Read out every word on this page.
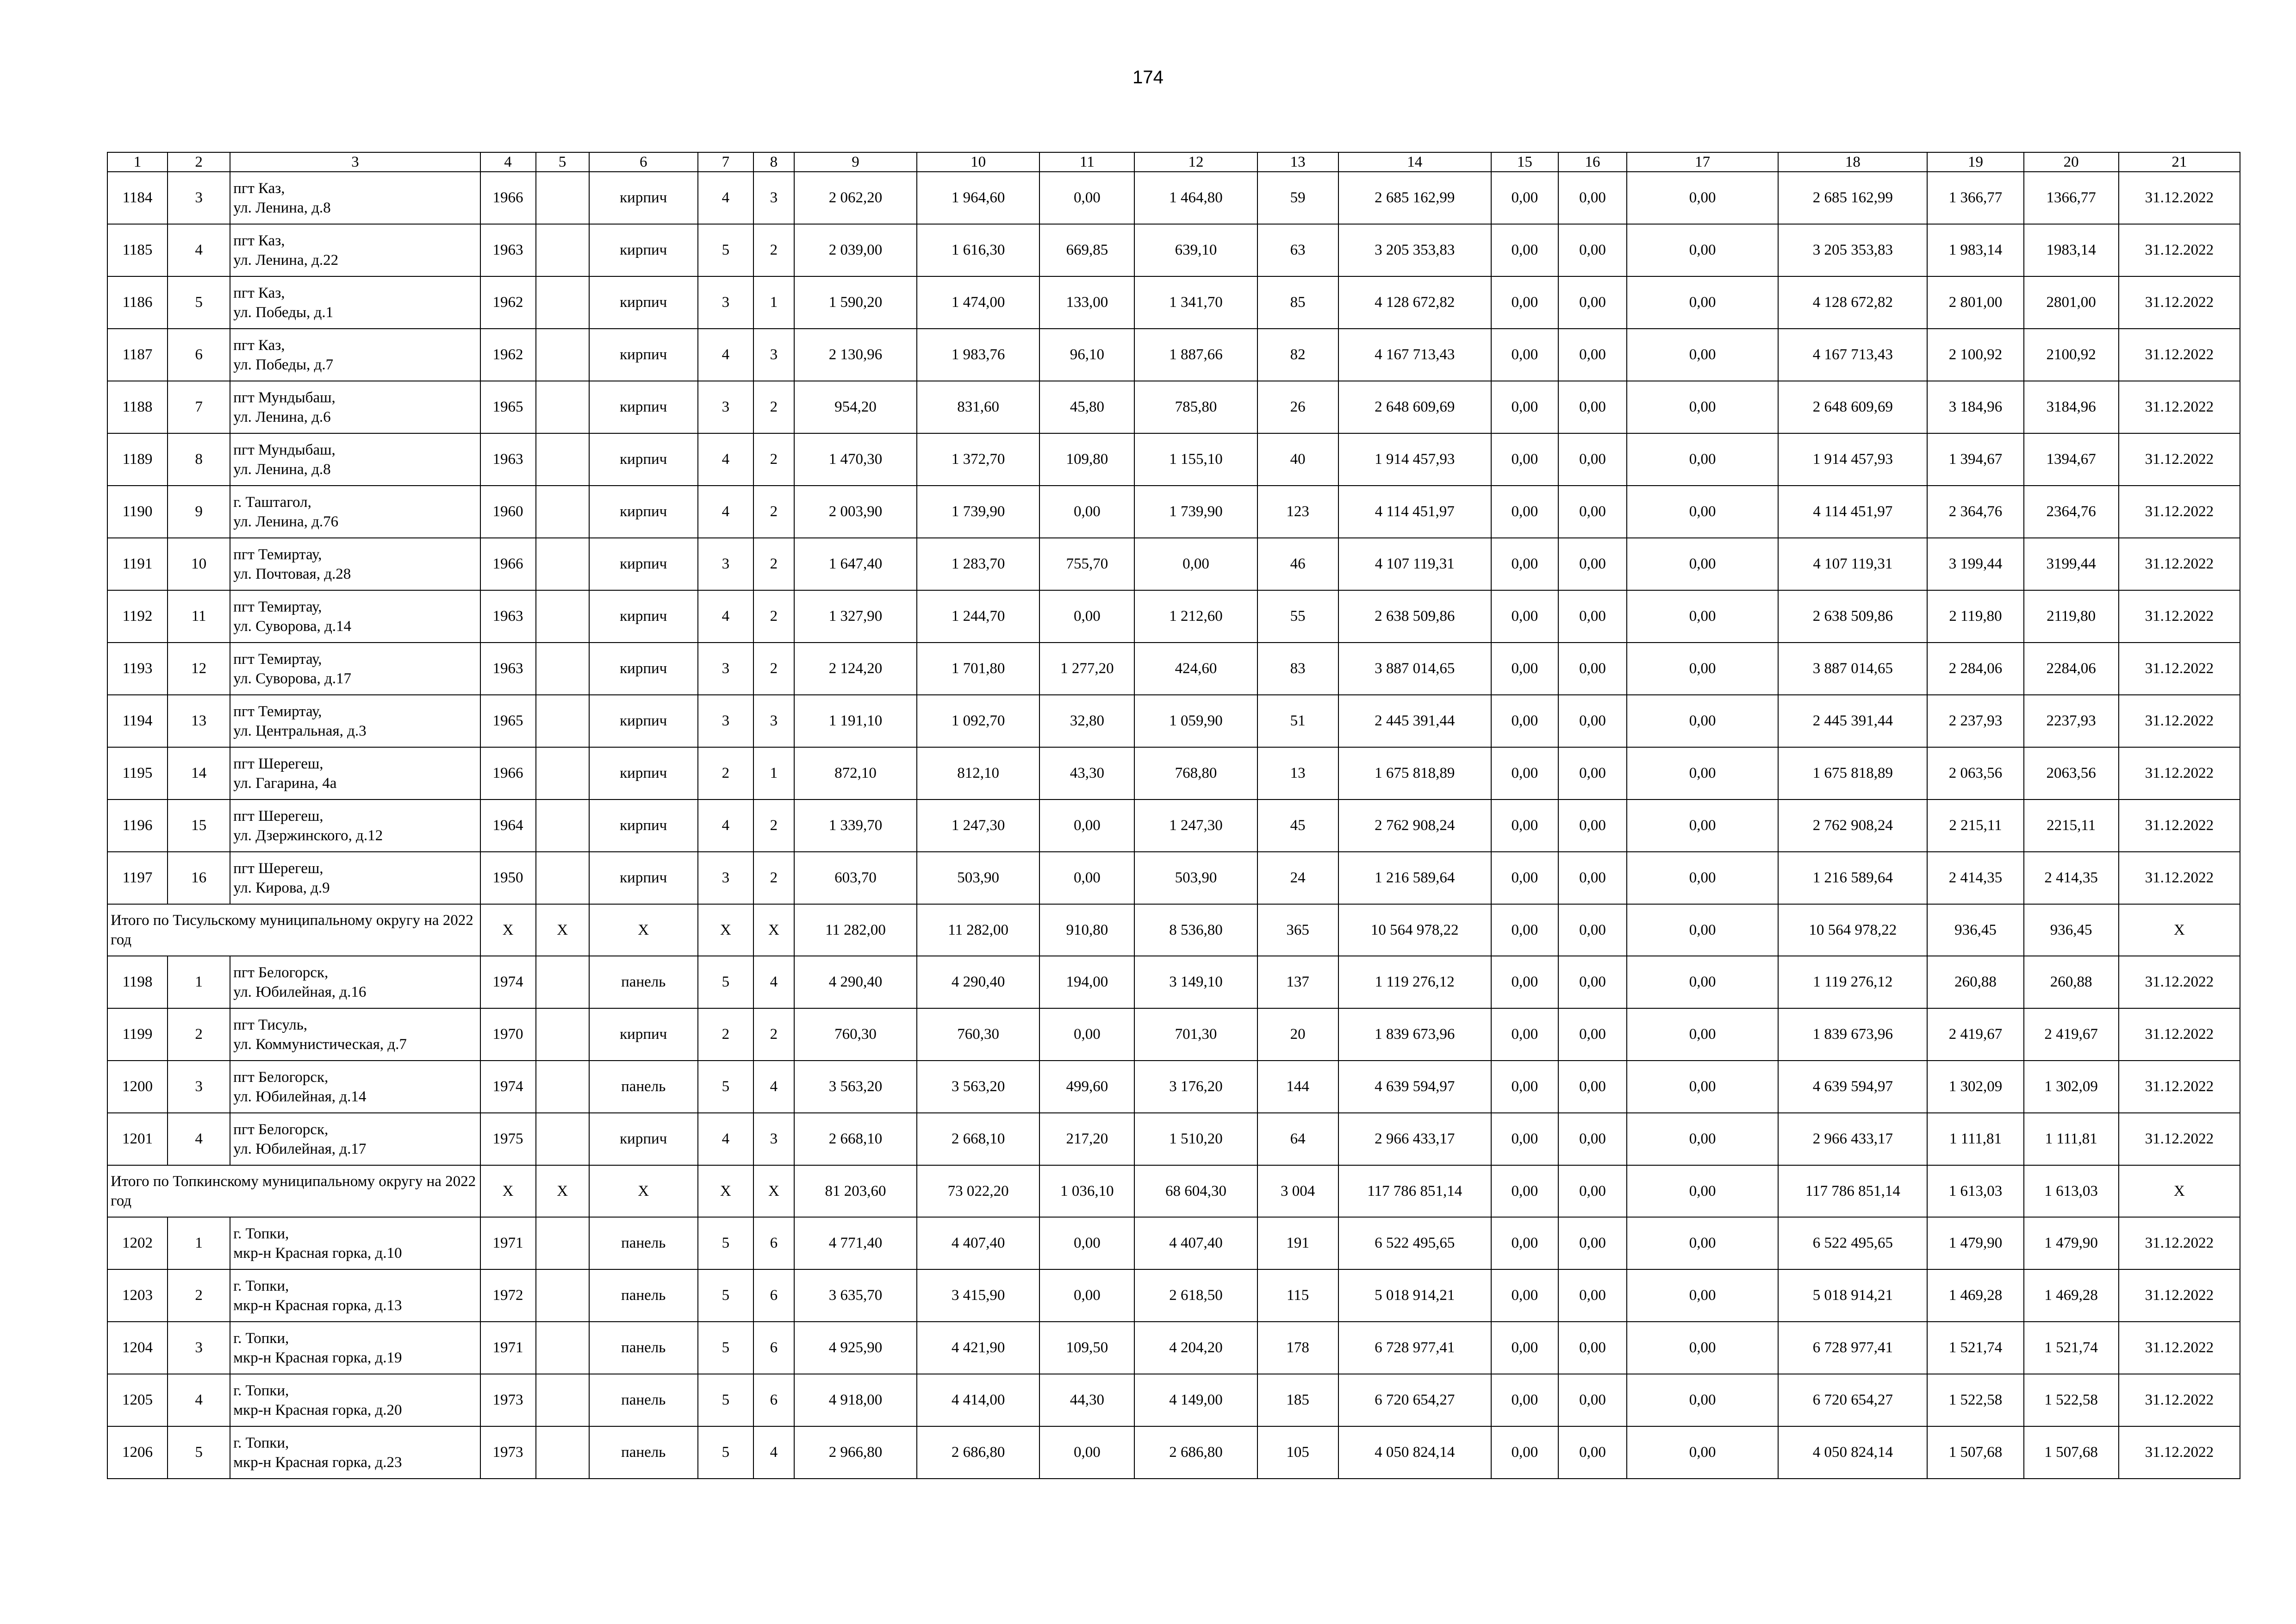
174
1	2	3	4	5	6	7	8	9	10	11	12	13	14	15	16	17	18	19	20	21
1184	3	пгт Каз,
ул. Ленина, д.8	1966		кирпич	4	3	2 062,20	1 964,60	0,00	1 464,80	59	2 685 162,99	0,00	0,00	0,00	2 685 162,99	1 366,77	1366,77	31.12.2022
1185	4	пгт Каз,
ул. Ленина, д.22	1963		кирпич	5	2	2 039,00	1 616,30	669,85	639,10	63	3 205 353,83	0,00	0,00	0,00	3 205 353,83	1 983,14	1983,14	31.12.2022
1186	5	пгт Каз,
ул. Победы, д.1	1962		кирпич	3	1	1 590,20	1 474,00	133,00	1 341,70	85	4 128 672,82	0,00	0,00	0,00	4 128 672,82	2 801,00	2801,00	31.12.2022
1187	6	пгт Каз,
ул. Победы, д.7	1962		кирпич	4	3	2 130,96	1 983,76	96,10	1 887,66	82	4 167 713,43	0,00	0,00	0,00	4 167 713,43	2 100,92	2100,92	31.12.2022
1188	7	пгт Мундыбаш,
ул. Ленина, д.6	1965		кирпич	3	2	954,20	831,60	45,80	785,80	26	2 648 609,69	0,00	0,00	0,00	2 648 609,69	3 184,96	3184,96	31.12.2022
1189	8	пгт Мундыбаш,
ул. Ленина, д.8	1963		кирпич	4	2	1 470,30	1 372,70	109,80	1 155,10	40	1 914 457,93	0,00	0,00	0,00	1 914 457,93	1 394,67	1394,67	31.12.2022
1190	9	г. Таштагол,
ул. Ленина, д.76	1960		кирпич	4	2	2 003,90	1 739,90	0,00	1 739,90	123	4 114 451,97	0,00	0,00	0,00	4 114 451,97	2 364,76	2364,76	31.12.2022
1191	10	пгт Темиртау,
ул. Почтовая, д.28	1966		кирпич	3	2	1 647,40	1 283,70	755,70	0,00	46	4 107 119,31	0,00	0,00	0,00	4 107 119,31	3 199,44	3199,44	31.12.2022
1192	11	пгт Темиртау,
ул. Суворова, д.14	1963		кирпич	4	2	1 327,90	1 244,70	0,00	1 212,60	55	2 638 509,86	0,00	0,00	0,00	2 638 509,86	2 119,80	2119,80	31.12.2022
1193	12	пгт Темиртау,
ул. Суворова, д.17	1963		кирпич	3	2	2 124,20	1 701,80	1 277,20	424,60	83	3 887 014,65	0,00	0,00	0,00	3 887 014,65	2 284,06	2284,06	31.12.2022
1194	13	пгт Темиртау,
ул. Центральная, д.3	1965		кирпич	3	3	1 191,10	1 092,70	32,80	1 059,90	51	2 445 391,44	0,00	0,00	0,00	2 445 391,44	2 237,93	2237,93	31.12.2022
1195	14	пгт Шерегеш,
ул. Гагарина, 4а	1966		кирпич	2	1	872,10	812,10	43,30	768,80	13	1 675 818,89	0,00	0,00	0,00	1 675 818,89	2 063,56	2063,56	31.12.2022
1196	15	пгт Шерегеш,
ул. Дзержинского, д.12	1964		кирпич	4	2	1 339,70	1 247,30	0,00	1 247,30	45	2 762 908,24	0,00	0,00	0,00	2 762 908,24	2 215,11	2215,11	31.12.2022
1197	16	пгт Шерегеш,
ул. Кирова, д.9	1950		кирпич	3	2	603,70	503,90	0,00	503,90	24	1 216 589,64	0,00	0,00	0,00	1 216 589,64	2 414,35	2 414,35	31.12.2022
Итого по Тисульскому муниципальному округу на 2022 год			X	X	X	X	X	11 282,00	11 282,00	910,80	8 536,80	365	10 564 978,22	0,00	0,00	0,00	10 564 978,22	936,45	936,45	X
1198	1	пгт Белогорск,
ул. Юбилейная, д.16	1974		панель	5	4	4 290,40	4 290,40	194,00	3 149,10	137	1 119 276,12	0,00	0,00	0,00	1 119 276,12	260,88	260,88	31.12.2022
1199	2	пгт Тисуль,
ул. Коммунистическая, д.7	1970		кирпич	2	2	760,30	760,30	0,00	701,30	20	1 839 673,96	0,00	0,00	0,00	1 839 673,96	2 419,67	2 419,67	31.12.2022
1200	3	пгт Белогорск,
ул. Юбилейная, д.14	1974		панель	5	4	3 563,20	3 563,20	499,60	3 176,20	144	4 639 594,97	0,00	0,00	0,00	4 639 594,97	1 302,09	1 302,09	31.12.2022
1201	4	пгт Белогорск,
ул. Юбилейная, д.17	1975		кирпич	4	3	2 668,10	2 668,10	217,20	1 510,20	64	2 966 433,17	0,00	0,00	0,00	2 966 433,17	1 111,81	1 111,81	31.12.2022
Итого по Топкинскому муниципальному округу на 2022 год			X	X	X	X	X	81 203,60	73 022,20	1 036,10	68 604,30	3 004	117 786 851,14	0,00	0,00	0,00	117 786 851,14	1 613,03	1 613,03	X
1202	1	г. Топки,
мкр-н Красная горка, д.10	1971		панель	5	6	4 771,40	4 407,40	0,00	4 407,40	191	6 522 495,65	0,00	0,00	0,00	6 522 495,65	1 479,90	1 479,90	31.12.2022
1203	2	г. Топки,
мкр-н Красная горка, д.13	1972		панель	5	6	3 635,70	3 415,90	0,00	2 618,50	115	5 018 914,21	0,00	0,00	0,00	5 018 914,21	1 469,28	1 469,28	31.12.2022
1204	3	г. Топки,
мкр-н Красная горка, д.19	1971		панель	5	6	4 925,90	4 421,90	109,50	4 204,20	178	6 728 977,41	0,00	0,00	0,00	6 728 977,41	1 521,74	1 521,74	31.12.2022
1205	4	г. Топки,
мкр-н Красная горка, д.20	1973		панель	5	6	4 918,00	4 414,00	44,30	4 149,00	185	6 720 654,27	0,00	0,00	0,00	6 720 654,27	1 522,58	1 522,58	31.12.2022
1206	5	г. Топки,
мкр-н Красная горка, д.23	1973		панель	5	4	2 966,80	2 686,80	0,00	2 686,80	105	4 050 824,14	0,00	0,00	0,00	4 050 824,14	1 507,68	1 507,68	31.12.2022
